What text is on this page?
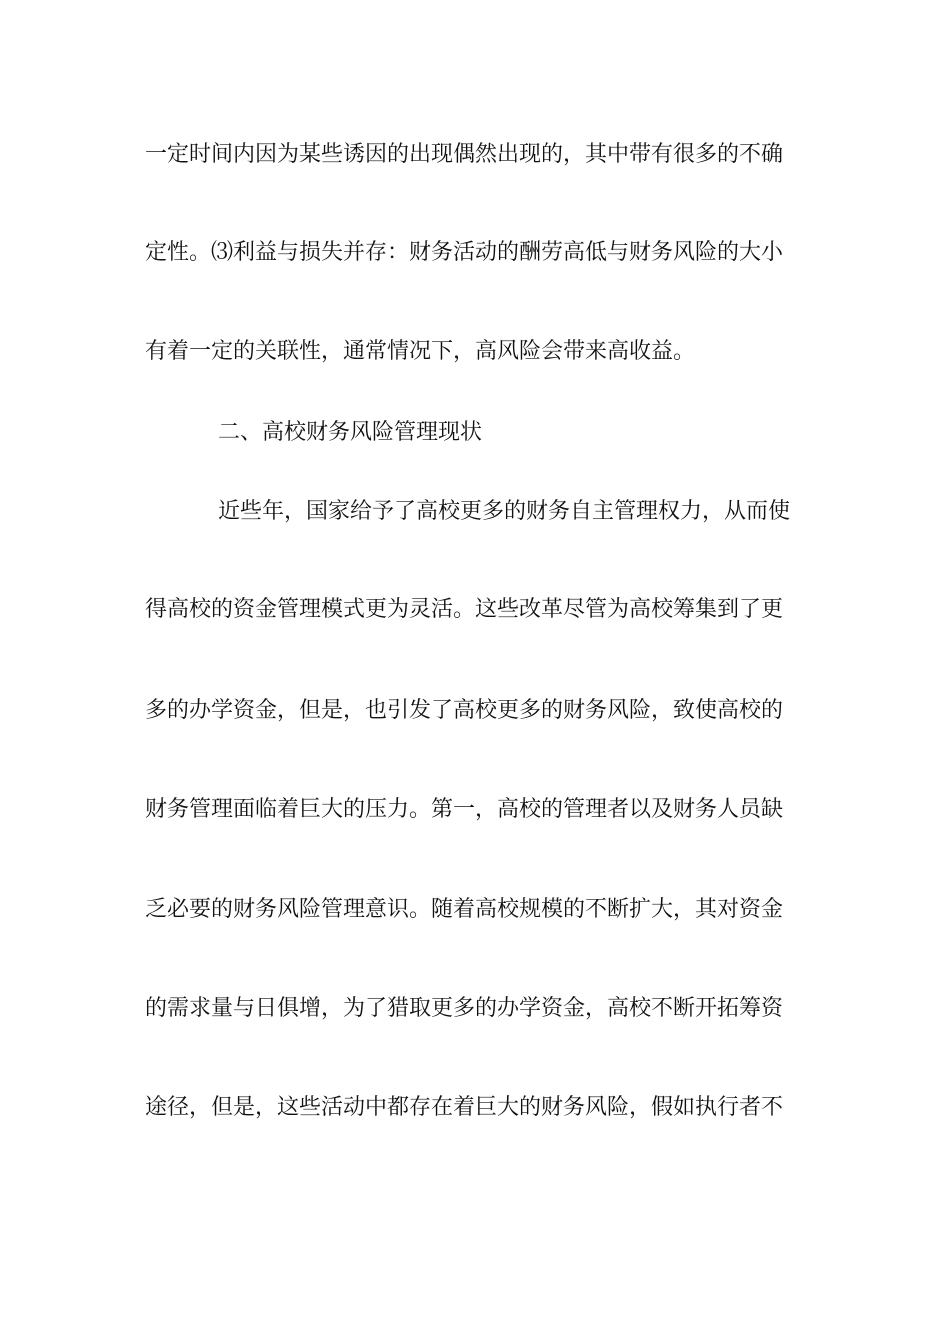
一定时间内因为某些诱因的出现偶然出现的，其中带有很多的不确
定性。⑶利益与损失并存：财务活动的酬劳高低与财务风险的大小
有着一定的关联性，通常情况下，高风险会带来高收益。
二、高校财务风险管理现状
近些年，国家给予了高校更多的财务自主管理权力，从而使
得高校的资金管理模式更为灵活。这些改革尽管为高校筹集到了更
多的办学资金，但是，也引发了高校更多的财务风险，致使高校的
财务管理面临着巨大的压力。第一，高校的管理者以及财务人员缺
乏必要的财务风险管理意识。随着高校规模的不断扩大，其对资金
的需求量与日俱增，为了猎取更多的办学资金，高校不断开拓筹资
途径，但是，这些活动中都存在着巨大的财务风险，假如执行者不
